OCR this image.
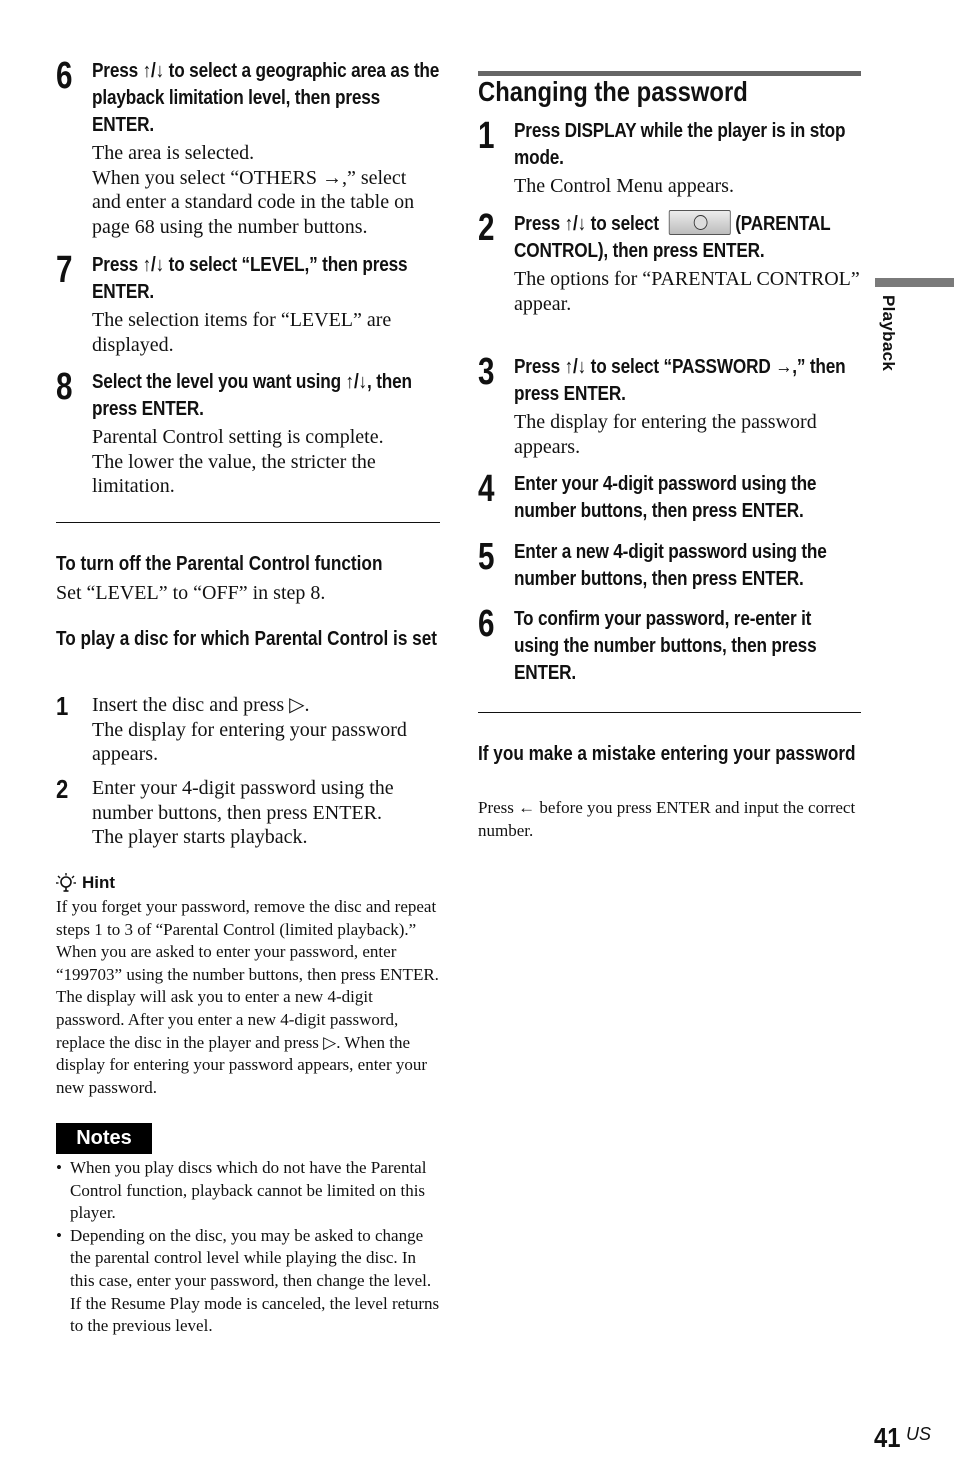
6 Press ↑/↓ to select a geographic area as the playback limitation level, then press ENTER.
The area is selected.
When you select “OTHERS →,” select and enter a standard code in the table on page 68 using the number buttons.
7 Press ↑/↓ to select “LEVEL,” then press ENTER.
The selection items for “LEVEL” are displayed.
8 Select the level you want using ↑/↓, then press ENTER.
Parental Control setting is complete.
The lower the value, the stricter the limitation.
To turn off the Parental Control function
Set “LEVEL” to “OFF” in step 8.
To play a disc for which Parental Control is set
1 Insert the disc and press ▷.
The display for entering your password appears.
2 Enter your 4-digit password using the number buttons, then press ENTER.
The player starts playback.
Hint
If you forget your password, remove the disc and repeat steps 1 to 3 of “Parental Control (limited playback).” When you are asked to enter your password, enter “199703” using the number buttons, then press ENTER. The display will ask you to enter a new 4-digit password. After you enter a new 4-digit password, replace the disc in the player and press ▷. When the display for entering your password appears, enter your new password.
Notes
• When you play discs which do not have the Parental Control function, playback cannot be limited on this player.
• Depending on the disc, you may be asked to change the parental control level while playing the disc. In this case, enter your password, then change the level. If the Resume Play mode is canceled, the level returns to the previous level.
Changing the password
1 Press DISPLAY while the player is in stop mode.
The Control Menu appears.
2 Press ↑/↓ to select	(PARENTAL CONTROL), then press ENTER.
The options for “PARENTAL CONTROL” appear.
3 Press ↑/↓ to select “PASSWORD →,” then press ENTER.
The display for entering the password appears.
4 Enter your 4-digit password using the number buttons, then press ENTER.
5 Enter a new 4-digit password using the number buttons, then press ENTER.
6 To confirm your password, re-enter it using the number buttons, then press ENTER.
If you make a mistake entering your password
Press ← before you press ENTER and input the correct number.
Playback
41 US
